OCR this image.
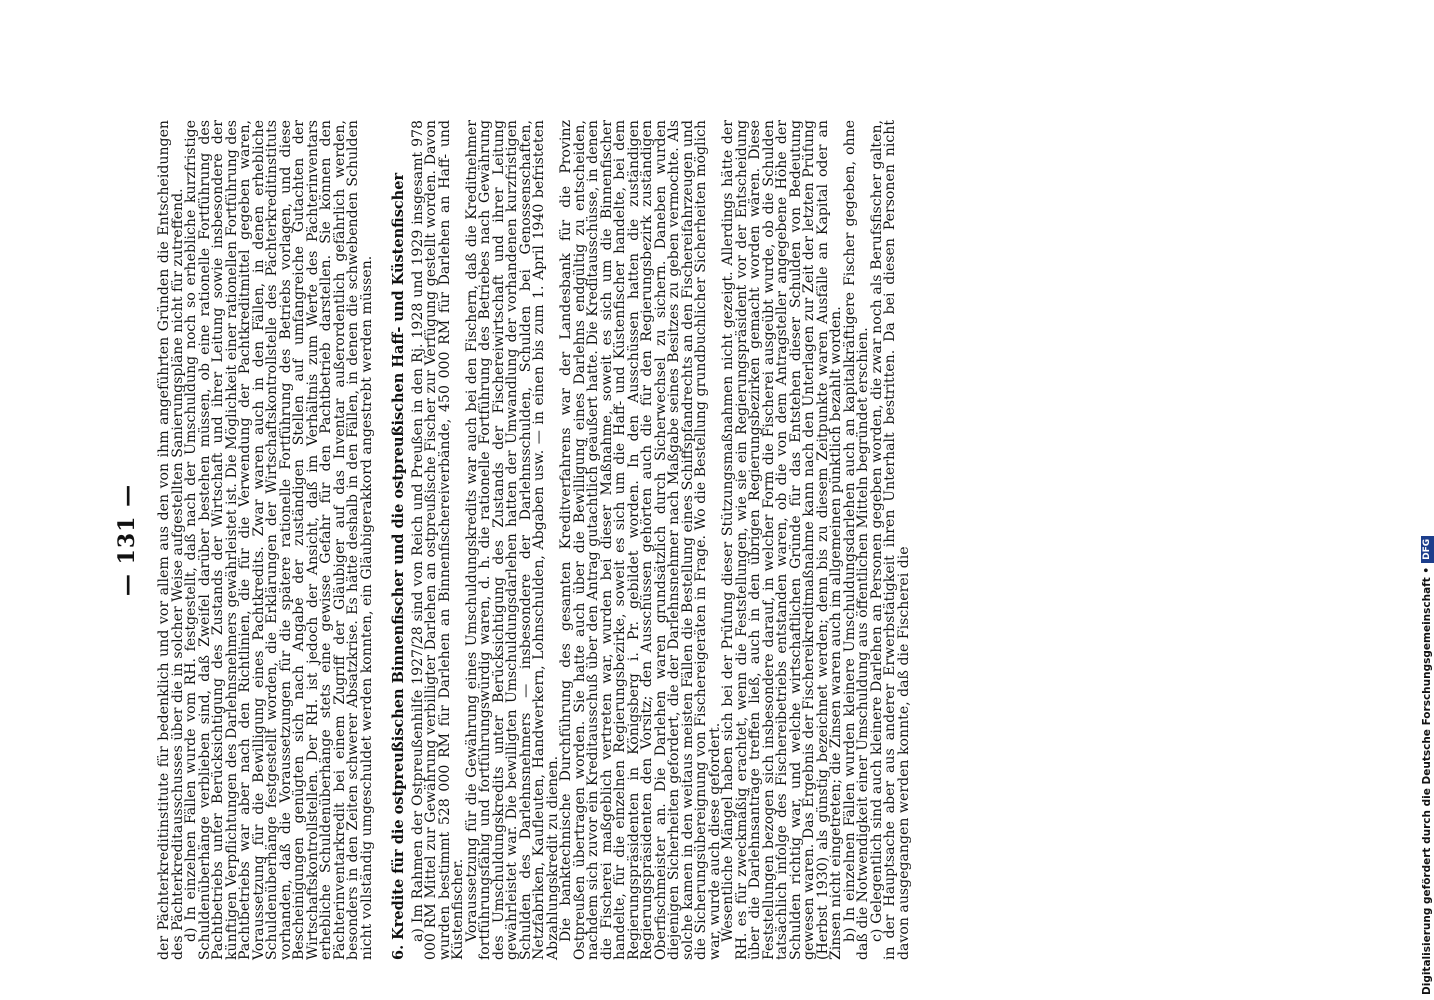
— 131 —	der Pächterkreditinstitute für bedenklich und vor allem aus den von ihm angeführten Gründen die Entscheidungen des Pächterkreditausschusses über die in solcher Weise aufgestellten Sanierungspläne nicht für zutreffend.

d) In einzelnen Fällen wurde vom RH. festgestellt, daß nach der Umschuldung noch so erhebliche kurzfristige Schuldenüberhänge verblieben sind, daß Zweifel darüber bestehen müssen, ob eine rationelle Fortführung des Pachtbetriebs unter Berücksichtigung des Zustands der Wirtschaft und ihrer Leitung sowie insbesondere der künftigen Verpflichtungen des Darlehnsnehmers gewährleistet ist. Die Möglichkeit einer rationellen Fortführung des Pachtbetriebs war aber nach den Richtlinien, die für die Verwendung der Pachtkreditmittel gegeben waren, Voraussetzung für die Bewilligung eines Pachtkredits. Zwar waren auch in den Fällen, in denen erhebliche Schuldenüberhänge festgestellt worden, die Erklärungen der Wirtschaftskontrollstelle des Pächterkreditinstituts vorhanden, daß die Voraussetzungen für die spätere rationelle Fortführung des Betriebs vorlagen, und diese Bescheinigungen genügten sich nach Angabe der zuständigen Stellen auf umfangreiche Gutachten der Wirtschaftskontrollstellen. Der RH. ist jedoch der Ansicht, daß im Verhältnis zum Werte des Pächterinventars erhebliche Schuldenüberhänge stets eine gewisse Gefahr für den Pachtbetrieb darstellen. Sie können den Pächterinventarkredit bei einem Zugriff der Gläubiger auf das Inventar außerordentlich gefährlich werden, besonders in den Zeiten schwerer Absatzkrise. Es hätte deshalb in den Fällen, in denen die schwebenden Schulden nicht vollständig umgeschuldet werden konnten, ein Gläubigerakkord angestrebt werden müssen. 6. Kredite für die ostpreußischen Binnenfischer und die ostpreußischen Haff- und Küstenfischer a) Im Rahmen der Ostpreußenhilfe 1927/28 sind von Reich und Preußen in den Rj. 1928 und 1929 insgesamt 978 000 RM Mittel zur Gewährung verbilligter Darlehen an ostpreußische Fischer zur Verfügung gestellt worden. Davon wurden bestimmt 528 000 RM für Darlehen an Binnenfischereiverbände, 450 000 RM für Darlehen an Haff- und Küstenfischer.

Voraussetzung für die Gewährung eines Umschuldungskredits war auch bei den Fischern, daß die Kreditnehmer fortführungsfähig und fortführungswürdig waren, d. h. die rationelle Fortführung des Betriebes nach Gewährung des Umschuldungskredits unter Berücksichtigung des Zustands der Fischereiwirtschaft und ihrer Leitung gewährleistet war. Die bewilligten Umschuldungsdarlehen hatten der Umwandlung der vorhandenen kurzfristigen Schulden des Darlehnsnehmers — insbesondere der Darlehnsschulden, Schulden bei Genossenschaften, Netzfabriken, Kaufleuten, Handwerkern, Lohnschulden, Abgaben usw. — in einen bis zum 1. April 1940 befristeten Abzahlungskredit zu dienen.

Die banktechnische Durchführung des gesamten Kreditverfahrens war der Landesbank für die Provinz Ostpreußen übertragen worden. Sie hatte auch über die Bewilligung eines Darlehns endgültig zu entscheiden, nachdem sich zuvor ein Kreditausschuß über den Antrag gutachtlich geäußert hatte. Die Kreditausschüsse, in denen die Fischerei maßgeblich vertreten war, wurden bei dieser Maßnahme, soweit es sich um die Binnenfischer handelte, für die einzelnen Regierungsbezirke, soweit es sich um die Haff- und Küstenfischer handelte, bei dem Regierungspräsidenten in Königsberg i. Pr. gebildet worden. In den Ausschüssen hatten die zuständigen Regierungspräsidenten den Vorsitz; den Ausschüssen gehörten auch die für den Regierungsbezirk zuständigen Oberfischmeister an. Die Darlehen waren grundsätzlich durch Sicherwechsel zu sichern. Daneben wurden diejenigen Sicherheiten gefordert, die der Darlehnsnehmer nach Maßgabe seines Besitzes zu geben vermochte. Als solche kamen in den weitaus meisten Fällen die Bestellung eines Schiffspfandrechts an den Fischereifahrzeugen und die Sicherungsübereignung von Fischereigeräten in Frage. Wo die Bestellung grundbuchlicher Sicherheiten möglich war, wurde auch diese gefordert.

Wesentliche Mängel haben sich bei der Prüfung dieser Stützungsmaßnahmen nicht gezeigt. Allerdings hätte der RH. es für zweckmäßig erachtet, wenn die Feststellungen, wie sie ein Regierungspräsident vor der Entscheidung über die Darlehnsanträge treffen ließ, auch in den übrigen Regierungsbezirken gemacht worden wären. Diese Feststellungen bezogen sich insbesondere darauf, in welcher Form die Fischerei ausgeübt wurde, ob die Schulden tatsächlich infolge des Fischereibetriebs entstanden waren, ob die von dem Antragsteller angegebene Höhe der Schulden richtig war, und welche wirtschaftlichen Gründe für das Entstehen dieser Schulden von Bedeutung gewesen waren. Das Ergebnis der Fischereikreditmaßnahme kann nach den Unterlagen zur Zeit der letzten Prüfung (Herbst 1930) als günstig bezeichnet werden; denn bis zu diesem Zeitpunkte waren Ausfälle an Kapital oder an Zinsen nicht eingetreten; die Zinsen waren auch im allgemeinen pünktlich bezahlt worden.

b) In einzelnen Fällen wurden kleinere Umschuldungsdarlehen auch an kapitalkräftigere Fischer gegeben, ohne daß die Notwendigkeit einer Umschuldung aus öffentlichen Mitteln begründet erschien.

c) Gelegentlich sind auch kleinere Darlehen an Personen gegeben worden, die zwar noch als Berufsfischer galten, in der Hauptsache aber aus anderer Erwerbstätigkeit ihren Unterhalt bestritten. Da bei diesen Personen nicht davon ausgegangen werden konnte, daß die Fischerei die	Digitalisierung gefördert durch die Deutsche Forschungsgemeinschaft •
DFG
